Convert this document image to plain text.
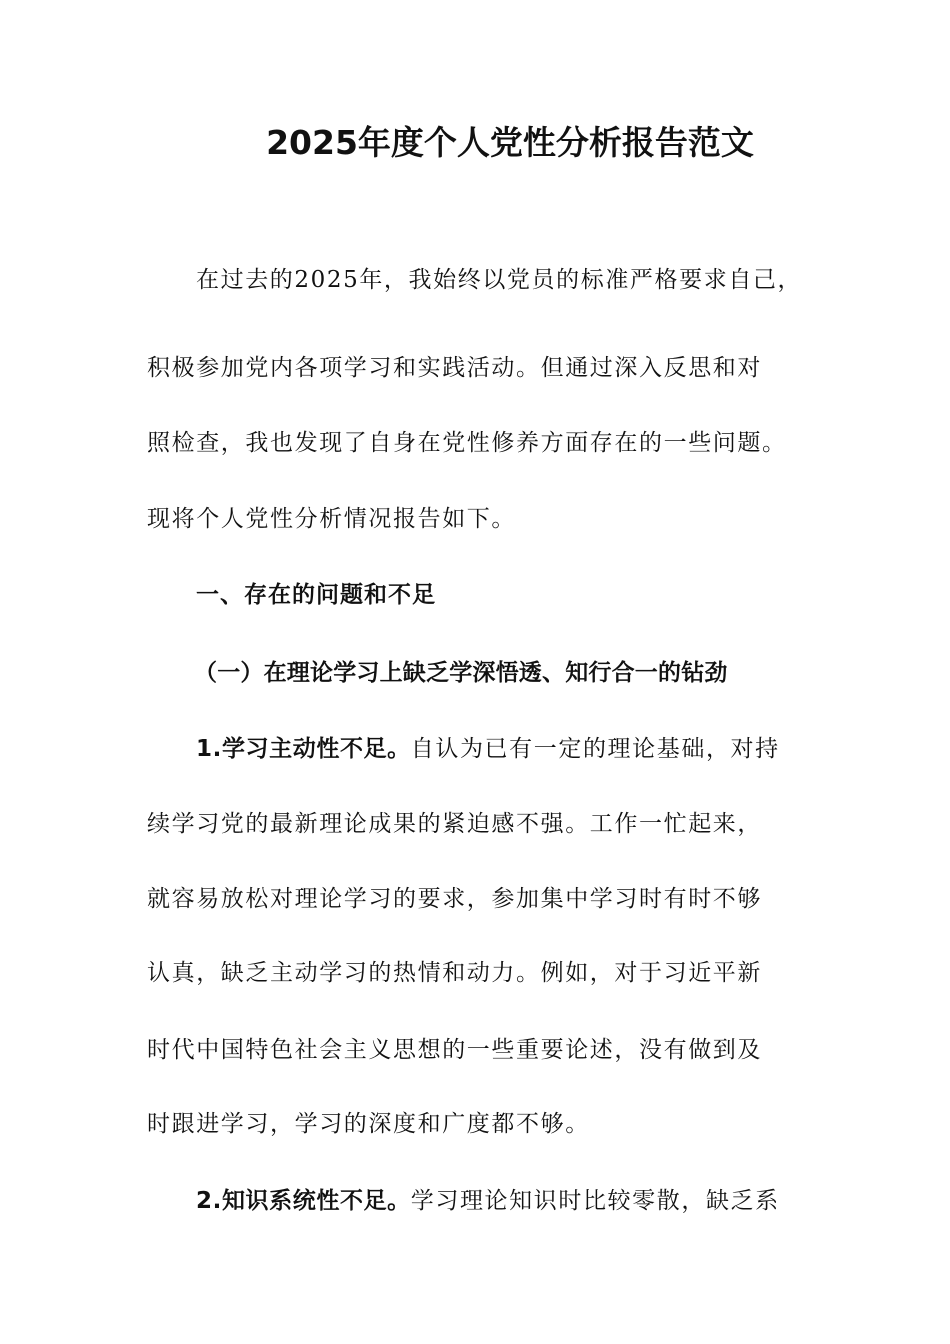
2025年度个人党性分析报告范文
在过去的2025年，我始终以党员的标准严格要求自己，
积极参加党内各项学习和实践活动。但通过深入反思和对
照检查，我也发现了自身在党性修养方面存在的一些问题。
现将个人党性分析情况报告如下。
一、存在的问题和不足
（一）在理论学习上缺乏学深悟透、知行合一的钻劲
1.学习主动性不足。自认为已有一定的理论基础，对持
续学习党的最新理论成果的紧迫感不强。工作一忙起来，
就容易放松对理论学习的要求，参加集中学习时有时不够
认真，缺乏主动学习的热情和动力。例如，对于习近平新
时代中国特色社会主义思想的一些重要论述，没有做到及
时跟进学习，学习的深度和广度都不够。
2.知识系统性不足。学习理论知识时比较零散，缺乏系
